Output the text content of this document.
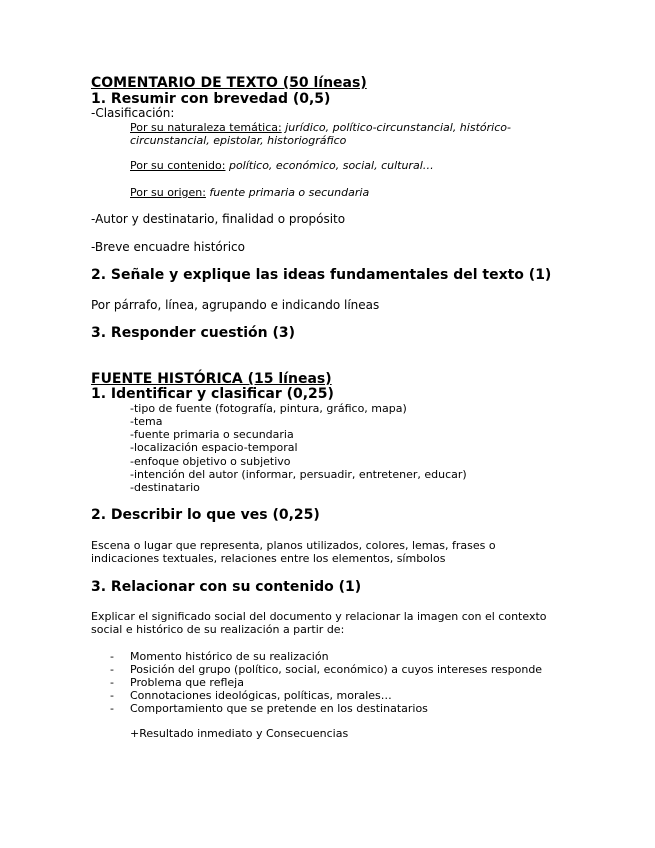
COMENTARIO DE TEXTO (50 líneas)
1. Resumir con brevedad (0,5)
-Clasificación:
Por su naturaleza temática: jurídico, político-circunstancial, histórico-
circunstancial, epistolar, historiográfico
Por su contenido: político, económico, social, cultural…
Por su origen: fuente primaria o secundaria
-Autor y destinatario, finalidad o propósito
-Breve encuadre histórico
2. Señale y explique las ideas fundamentales del texto (1)
Por párrafo, línea, agrupando e indicando líneas
3. Responder cuestión (3)
FUENTE HISTÓRICA (15 líneas)
1. Identificar y clasificar (0,25)
-tipo de fuente (fotografía, pintura, gráfico, mapa)
-tema
-fuente primaria o secundaria
-localización espacio-temporal
-enfoque objetivo o subjetivo
-intención del autor (informar, persuadir, entretener, educar)
-destinatario
2. Describir lo que ves (0,25)
Escena o lugar que representa, planos utilizados, colores, lemas, frases o
indicaciones textuales, relaciones entre los elementos, símbolos
3. Relacionar con su contenido (1)
Explicar el significado social del documento y relacionar la imagen con el contexto
social e histórico de su realización a partir de:
- Momento histórico de su realización
- Posición del grupo (político, social, económico) a cuyos intereses responde
- Problema que refleja
- Connotaciones ideológicas, políticas, morales…
- Comportamiento que se pretende en los destinatarios
+Resultado inmediato y Consecuencias
